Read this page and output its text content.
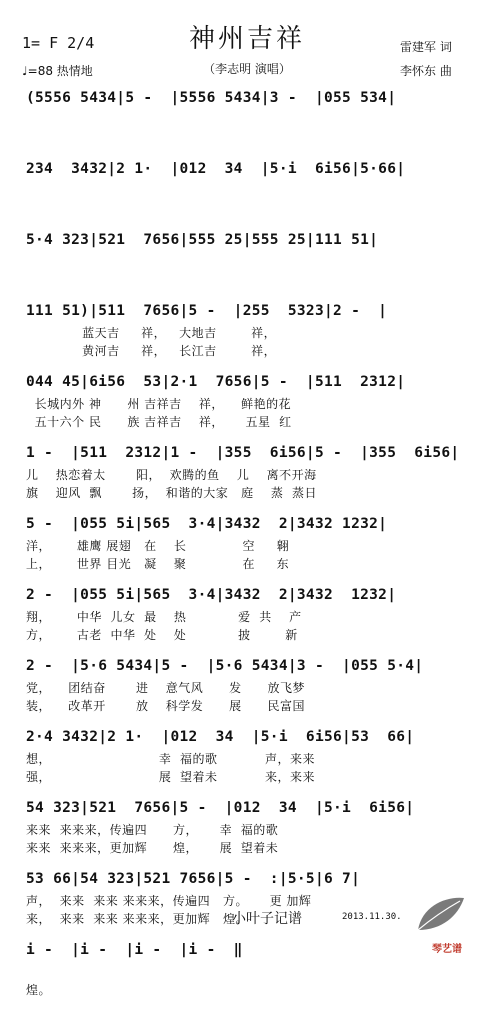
1= F 2/4
♩=88 热情地
神州吉祥
（李志明 演唱）
雷建军 词
李怀东 曲
(5556 5434|5 -  |5556 5434|3 -  |055 534|
234  3432|2 1·  |012  34  |5·i  6i56|5·66|
5·4 323|521  7656|555 25|555 25|111 51|
111 51)|511  7656|5 -  |255  5323|2 -  |
蓝天吉     祥，   大地吉        祥，
黄河吉     祥，   长江吉        祥，
044 45|6i56  53|2·1  7656|5 -  |511  2312|
长城内外 神      州 吉祥吉    祥，    鲜艳的花
五十六个 民      族 吉祥吉    祥，     五星  红
1 -  |511  2312|1 -  |355  6i56|5 -  |355  6i56|
儿    热恋着太       阳，  欢腾的鱼    儿    离不开海
旗    迎风  飘       扬，  和谐的大家   庭    蒸  蒸日
5 -  |055 5i|565  3·4|3432  2|3432 1232|
洋，      雄鹰 展翅   在    长             空     翱
上，      世界 目光   凝    聚             在     东
2 -  |055 5i|565  3·4|3432  2|3432  1232|
翔，      中华  儿女  最    热            爱  共    产
方，      古老  中华  处    处            披        新
2 -  |5·6 5434|5 -  |5·6 5434|3 -  |055 5·4|
党，    团结奋       进    意气风      发      放飞梦
装，    改革开       放    科学发      展      民富国
2·4 3432|2 1·  |012  34  |5·i  6i56|53  66|
想，                         幸  福的歌           声，来来
强，                         展  望着未           来，来来
54 323|521  7656|5 -  |012  34  |5·i  6i56|
来来  来来来，传遍四      方，     幸  福的歌
来来  来来来，更加辉      煌，     展  望着未
53 66|54 323|521 7656|5 -  :|5·5|6 7|
声，  来来  来来 来来来，传遍四   方。     更 加辉
来，  来来  来来 来来来，更加辉   煌。
i -  |i -  |i -  |i -  ‖
煌。
小叶子记谱	2013.11.30.
琴艺谱
